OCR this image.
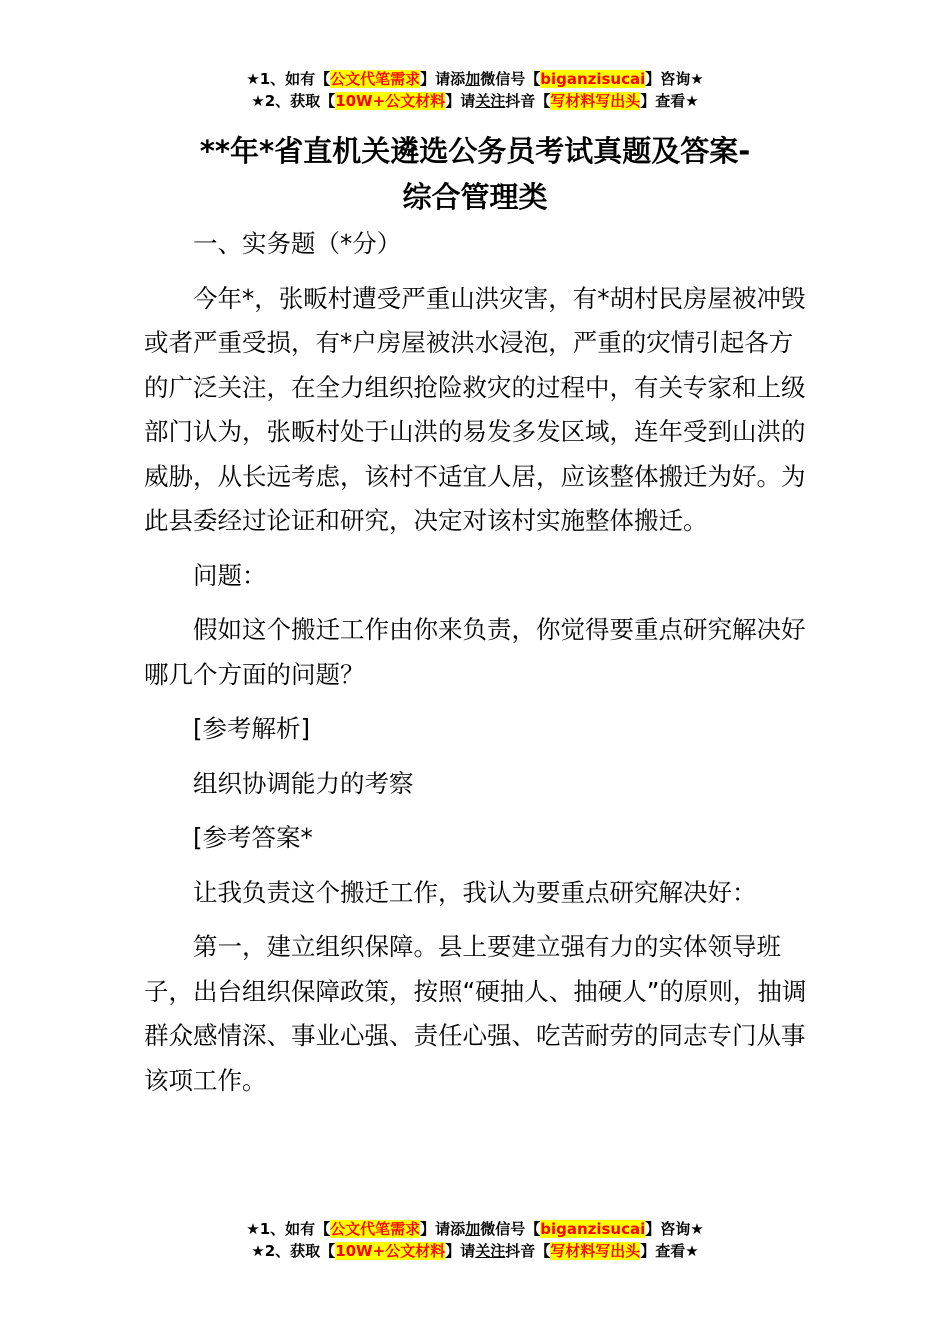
★1、如有【公文代笔需求】请添加微信号【biganzisucai】咨询★
★2、获取【10W+公文材料】请关注抖音【写材料写出头】查看★
**年*省直机关遴选公务员考试真题及答案-
综合管理类

一、实务题（*分）

今年*，张畈村遭受严重山洪灾害，有*胡村民房屋被冲毁或者严重受损，有*户房屋被洪水浸泡，严重的灾情引起各方的广泛关注，在全力组织抢险救灾的过程中，有关专家和上级部门认为，张畈村处于山洪的易发多发区域，连年受到山洪的威胁，从长远考虑，该村不适宜人居，应该整体搬迁为好。为此县委经过论证和研究，决定对该村实施整体搬迁。

问题：

假如这个搬迁工作由你来负责，你觉得要重点研究解决好哪几个方面的问题？

[参考解析]

组织协调能力的考察

[参考答案*

让我负责这个搬迁工作，我认为要重点研究解决好：

第一，建立组织保障。县上要建立强有力的实体领导班子，出台组织保障政策，按照“硬抽人、抽硬人”的原则，抽调群众感情深、事业心强、责任心强、吃苦耐劳的同志专门从事该项工作。

★1、如有【公文代笔需求】请添加微信号【biganzisucai】咨询★
★2、获取【10W+公文材料】请关注抖音【写材料写出头】查看★
